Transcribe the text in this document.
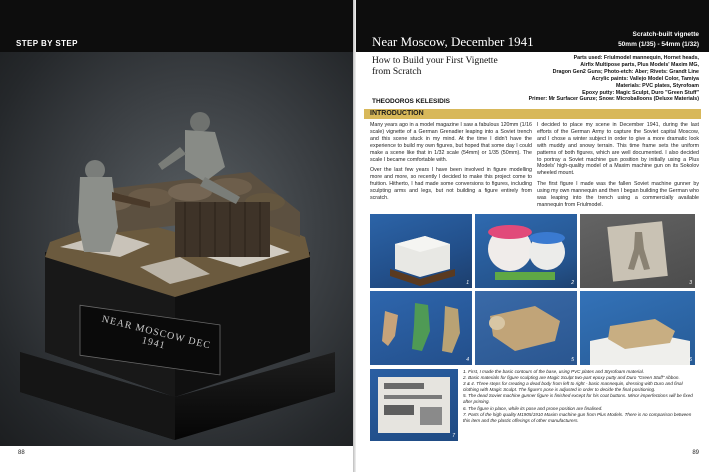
STEP BY STEP
NEAR MOSCOW DEC 1941
88
Near Moscow, December 1941	Scratch-built vignette
50mm (1/35) - 54mm (1/32)
How to Build your First Vignette from Scratch
THEODOROS KELESIDIS
Parts used: Friulmodel mannequin, Hornet heads,
Airfix Multipose parts, Plus Models' Maxim MG,
Dragon Gen2 Guns; Photo-etch: Aber; Rivets: Grandt Line
Acrylic paints: Vallejo Model Color, Tamiya
Materials: PVC plates, Styrofoam
Epoxy putty: Magic Sculpt, Duro "Green Stuff"
Primer: Mr Surfacer Gunze; Snow: Microballoons (Deluxe Materials)
INTRODUCTION

Many years ago in a model magazine I saw a fabulous 120mm (1/16 scale) vignette of a German Grenadier leaping into a Soviet trench and this scene stuck in my mind. At the time I didn't have the experience to build my own figures, but hoped that some day I could make a scene like that in 1/32 scale (54mm) or 1/35 (50mm). The scale I became comfortable with.

Over the last few years I have been involved in figure modelling more and more, so recently I decided to make this project come to fruition. Hitherto, I had made some conversions to figures, including sculpting arms and legs, but not building a figure entirely from scratch.

I decided to place my scene in December 1941, during the last efforts of the German Army to capture the Soviet capital Moscow, and I chose a winter subject in order to give a more dramatic look with muddy and snowy terrain. This time frame sets the uniform patterns of both figures, which are well documented. I also decided to portray a Soviet machine gun position by initially using a Plus Models' high-quality model of a Maxim machine gun on its Sokolov wheeled mount.

The first figure I made was the fallen Soviet machine gunner by using my own mannequin and then I began building the German who was leaping into the trench using a commercially available mannequin from Friulmodel.

1	2	3
4	5	6
7
1. First, I made the basic contours of the base, using PVC plates and Styrofoam material.
2. Basic materials for figure sculpting are Magic Sculpt two-part epoxy putty and Duro "Green Stuff" ribbon.
3 & 4. Three steps for creating a dead body from left to right - basic mannequin, dressing with Duro and final clothing with Magic Sculpt. The figure's pose is adjusted in order to decide the final positioning.
5. The dead Soviet machine gunner figure is finished except for his coat buttons. Minor imperfections will be fixed after priming.
6. The figure in place, while its pose and prone position are finalised.
7. Parts of the high quality M1905/1910 Maxim machine gun from Plus Models. There is no comparison between this item and the plastic offerings of other manufacturers.
89
